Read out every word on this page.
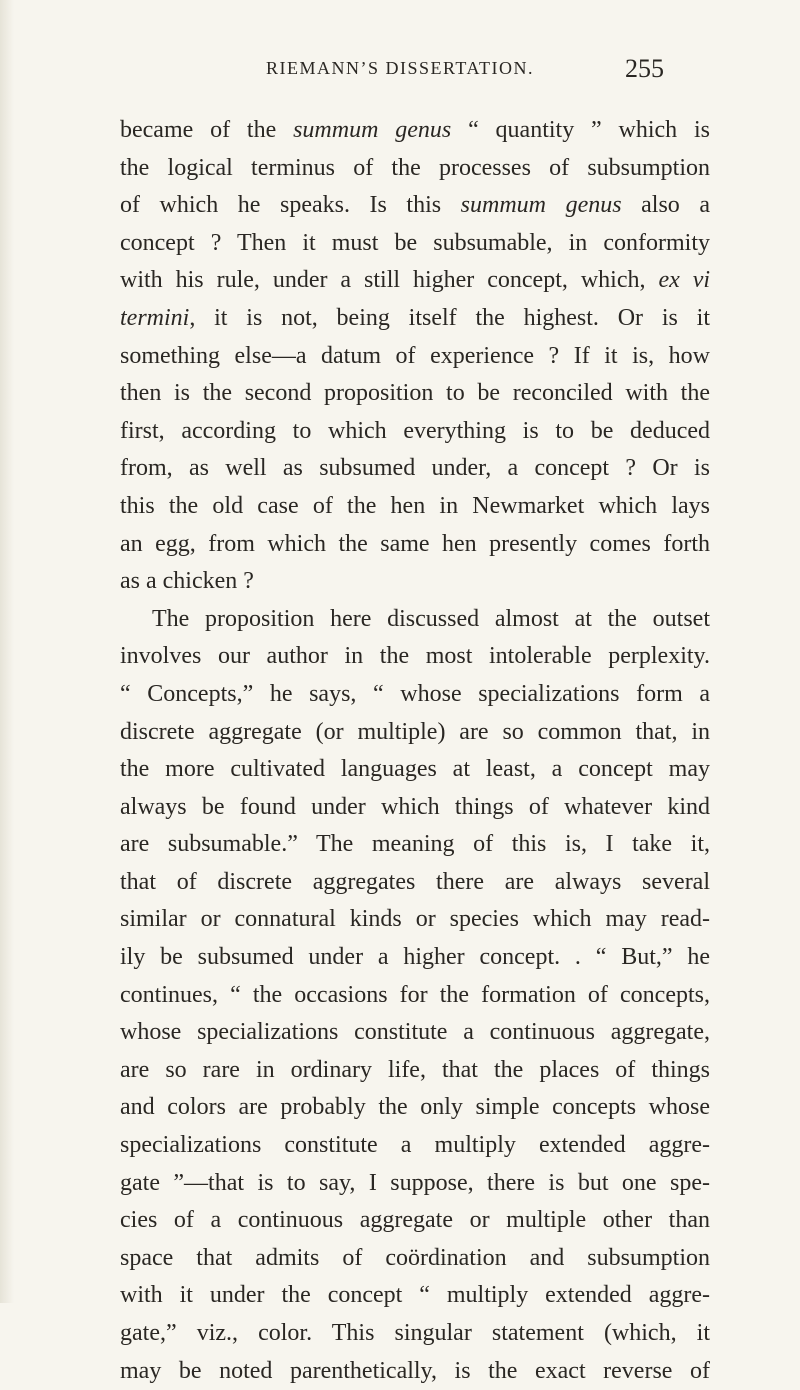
RIEMANN’S DISSERTATION.	255
became of the summum genus “ quantity ” which is
the logical terminus of the processes of subsumption
of which he speaks. Is this summum genus also a
concept ? Then it must be subsumable, in conformity
with his rule, under a still higher concept, which, ex vi
termini, it is not, being itself the highest. Or is it
something else—a datum of experience ? If it is, how
then is the second proposition to be reconciled with the
first, according to which everything is to be deduced
from, as well as subsumed under, a concept ? Or is
this the old case of the hen in Newmarket which lays
an egg, from which the same hen presently comes forth
as a chicken ?
The proposition here discussed almost at the outset
involves our author in the most intolerable perplexity.
“ Concepts,” he says, “ whose specializations form a
discrete aggregate (or multiple) are so common that, in
the more cultivated languages at least, a concept may
always be found under which things of whatever kind
are subsumable.” The meaning of this is, I take it,
that of discrete aggregates there are always several
similar or connatural kinds or species which may read-
ily be subsumed under a higher concept. . “ But,” he
continues, “ the occasions for the formation of concepts,
whose specializations constitute a continuous aggregate,
are so rare in ordinary life, that the places of things
and colors are probably the only simple concepts whose
specializations constitute a multiply extended aggre-
gate ”—that is to say, I suppose, there is but one spe-
cies of a continuous aggregate or multiple other than
space that admits of coördination and subsumption
with it under the concept “ multiply extended aggre-
gate,” viz., color. This singular statement (which, it
may be noted parenthetically, is the exact reverse of
